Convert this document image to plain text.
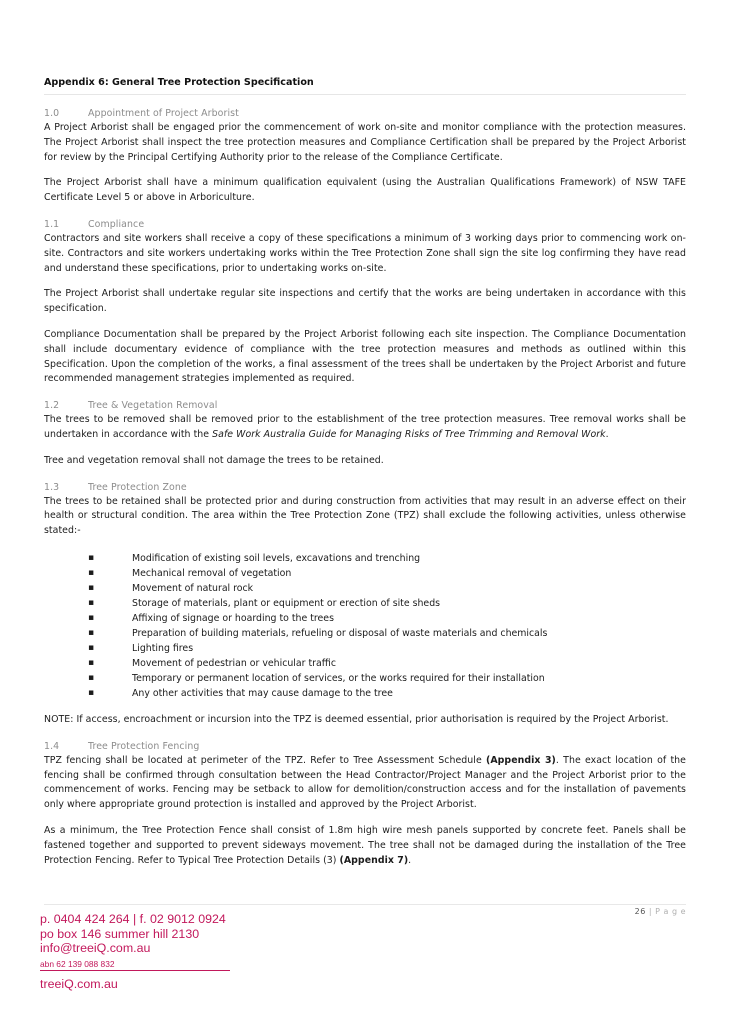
Appendix 6: General Tree Protection Specification
1.0	Appointment of Project Arborist

A Project Arborist shall be engaged prior the commencement of work on-site and monitor compliance with the protection measures. The Project Arborist shall inspect the tree protection measures and Compliance Certification shall be prepared by the Project Arborist for review by the Principal Certifying Authority prior to the release of the Compliance Certificate.

The Project Arborist shall have a minimum qualification equivalent (using the Australian Qualifications Framework) of NSW TAFE Certificate Level 5 or above in Arboriculture.

1.1	Compliance

Contractors and site workers shall receive a copy of these specifications a minimum of 3 working days prior to commencing work on-site. Contractors and site workers undertaking works within the Tree Protection Zone shall sign the site log confirming they have read and understand these specifications, prior to undertaking works on-site.

The Project Arborist shall undertake regular site inspections and certify that the works are being undertaken in accordance with this specification.

Compliance Documentation shall be prepared by the Project Arborist following each site inspection. The Compliance Documentation shall include documentary evidence of compliance with the tree protection measures and methods as outlined within this Specification. Upon the completion of the works, a final assessment of the trees shall be undertaken by the Project Arborist and future recommended management strategies implemented as required.

1.2	Tree & Vegetation Removal

The trees to be removed shall be removed prior to the establishment of the tree protection measures. Tree removal works shall be undertaken in accordance with the Safe Work Australia Guide for Managing Risks of Tree Trimming and Removal Work.

Tree and vegetation removal shall not damage the trees to be retained.

1.3	Tree Protection Zone

The trees to be retained shall be protected prior and during construction from activities that may result in an adverse effect on their health or structural condition. The area within the Tree Protection Zone (TPZ) shall exclude the following activities, unless otherwise stated:-

▪	Modification of existing soil levels, excavations and trenching
▪	Mechanical removal of vegetation
▪	Movement of natural rock
▪	Storage of materials, plant or equipment or erection of site sheds
▪	Affixing of signage or hoarding to the trees
▪	Preparation of building materials, refueling or disposal of waste materials and chemicals
▪	Lighting fires
▪	Movement of pedestrian or vehicular traffic
▪	Temporary or permanent location of services, or the works required for their installation
▪	Any other activities that may cause damage to the tree

NOTE: If access, encroachment or incursion into the TPZ is deemed essential, prior authorisation is required by the Project Arborist.

1.4	Tree Protection Fencing

TPZ fencing shall be located at perimeter of the TPZ. Refer to Tree Assessment Schedule (Appendix 3). The exact location of the fencing shall be confirmed through consultation between the Head Contractor/Project Manager and the Project Arborist prior to the commencement of works. Fencing may be setback to allow for demolition/construction access and for the installation of pavements only where appropriate ground protection is installed and approved by the Project Arborist.

As a minimum, the Tree Protection Fence shall consist of 1.8m high wire mesh panels supported by concrete feet. Panels shall be fastened together and supported to prevent sideways movement. The tree shall not be damaged during the installation of the Tree Protection Fencing. Refer to Typical Tree Protection Details (3) (Appendix 7).

26 | P a g e
p. 0404 424 264 | f. 02 9012 0924
po box 146 summer hill 2130
info@treeiQ.com.au
abn 62 139 088 832
treeiQ.com.au
